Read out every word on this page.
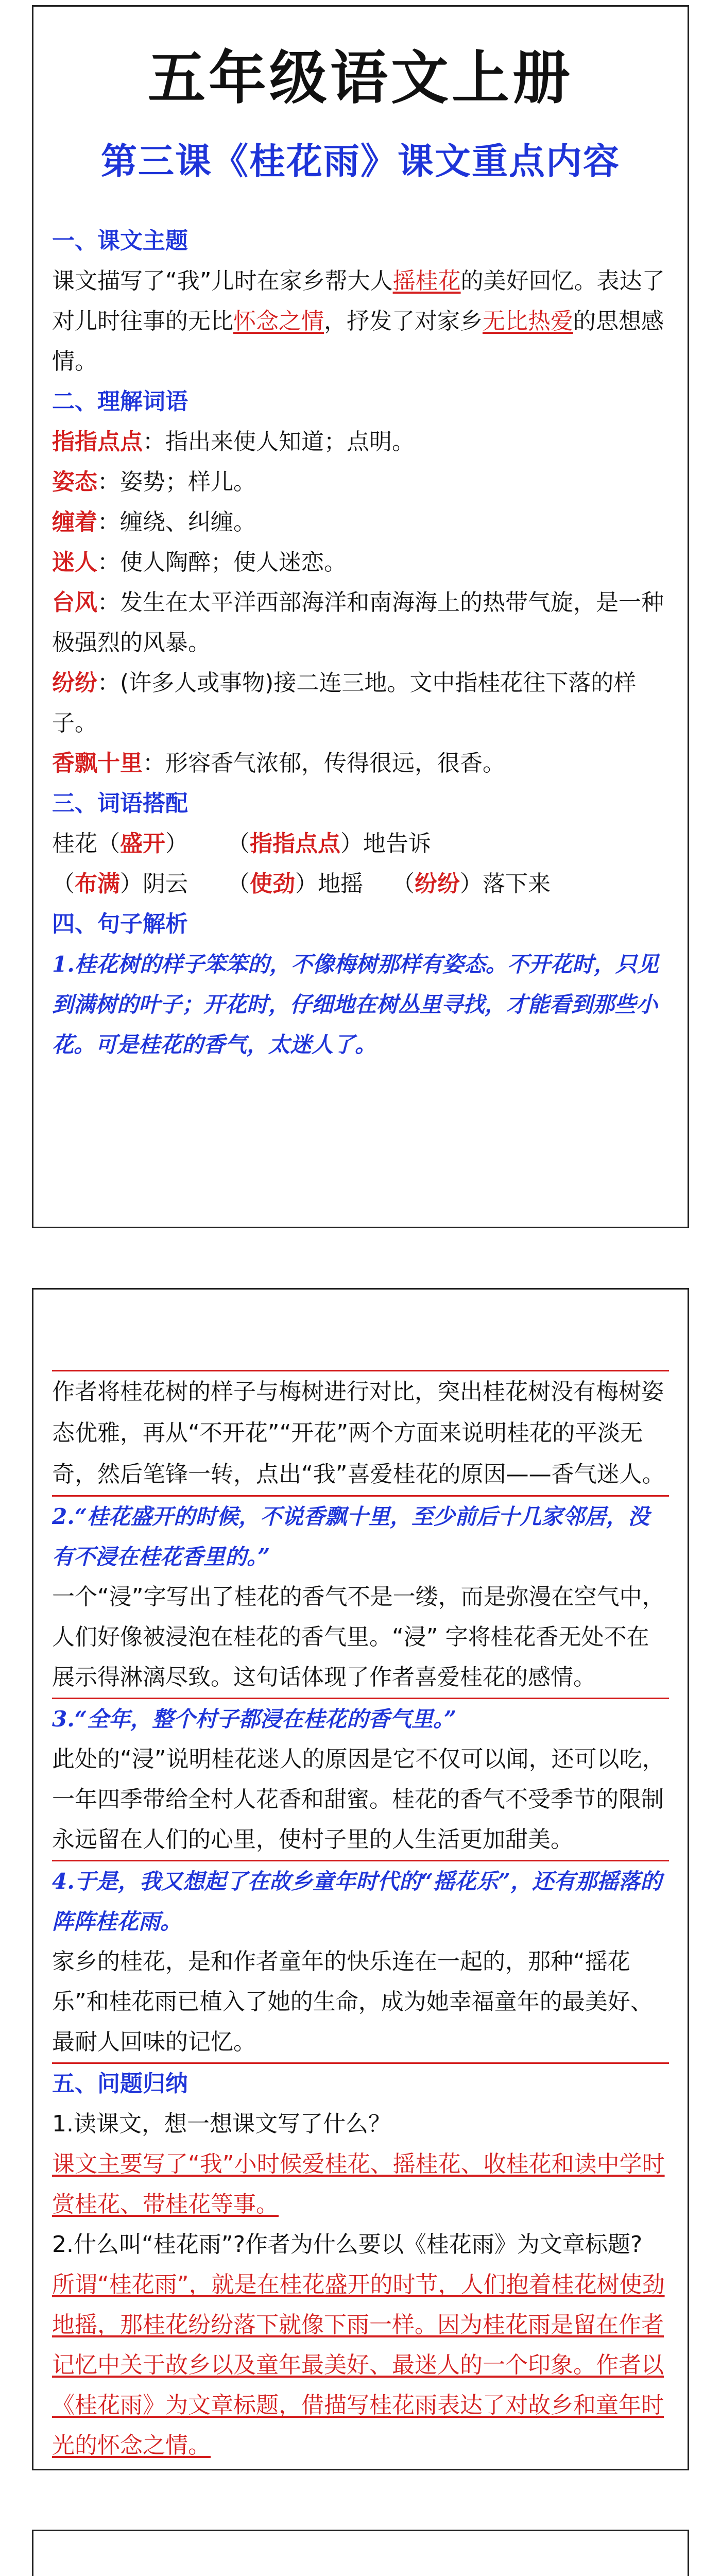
五年级语文上册
第三课《桂花雨》课文重点内容
一、课文主题

课文描写了“我”儿时在家乡帮大人摇桂花的美好回忆。表达了对儿时往事的无比怀念之情，抒发了对家乡无比热爱的思想感情。

二、理解词语

指指点点：指出来使人知道；点明。

姿态：姿势；样儿。

缠着：缠绕、纠缠。

迷人：使人陶醉；使人迷恋。

台风：发生在太平洋西部海洋和南海海上的热带气旋，是一种极强烈的风暴。

纷纷：(许多人或事物)接二连三地。文中指桂花往下落的样子。

香飘十里：形容香气浓郁，传得很远，很香。

三、词语搭配
桂花（盛开）	（指指点点）地告诉
（布满）阴云	（使劲）地摇	（纷纷）落下来
四、句子解析

1.桂花树的样子笨笨的，不像梅树那样有姿态。不开花时，只见到满树的叶子；开花时，仔细地在树丛里寻找，才能看到那些小花。可是桂花的香气，太迷人了。

作者将桂花树的样子与梅树进行对比，突出桂花树没有梅树姿态优雅，再从“不开花”“开花”两个方面来说明桂花的平淡无奇，然后笔锋一转，点出“我”喜爱桂花的原因——香气迷人。

2.“桂花盛开的时候，不说香飘十里，至少前后十几家邻居，没有不浸在桂花香里的。”

一个“浸”字写出了桂花的香气不是一缕，而是弥漫在空气中，人们好像被浸泡在桂花的香气里。“浸” 字将桂花香无处不在展示得淋漓尽致。这句话体现了作者喜爱桂花的感情。

3.“全年，整个村子都浸在桂花的香气里。”

此处的“浸”说明桂花迷人的原因是它不仅可以闻，还可以吃，一年四季带给全村人花香和甜蜜。桂花的香气不受季节的限制永远留在人们的心里，使村子里的人生活更加甜美。

4.于是，我又想起了在故乡童年时代的“摇花乐”，还有那摇落的阵阵桂花雨。

家乡的桂花，是和作者童年的快乐连在一起的，那种“摇花乐”和桂花雨已植入了她的生命，成为她幸福童年的最美好、最耐人回味的记忆。

五、问题归纳

1.读课文，想一想课文写了什么？

课文主要写了“我”小时候爱桂花、摇桂花、收桂花和读中学时赏桂花、带桂花等事。

2.什么叫“桂花雨”?作者为什么要以《桂花雨》为文章标题?

所谓“桂花雨”，就是在桂花盛开的时节，人们抱着桂花树使劲地摇，那桂花纷纷落下就像下雨一样。因为桂花雨是留在作者记忆中关于故乡以及童年最美好、最迷人的一个印象。作者以《桂花雨》为文章标题，借描写桂花雨表达了对故乡和童年时光的怀念之情。
